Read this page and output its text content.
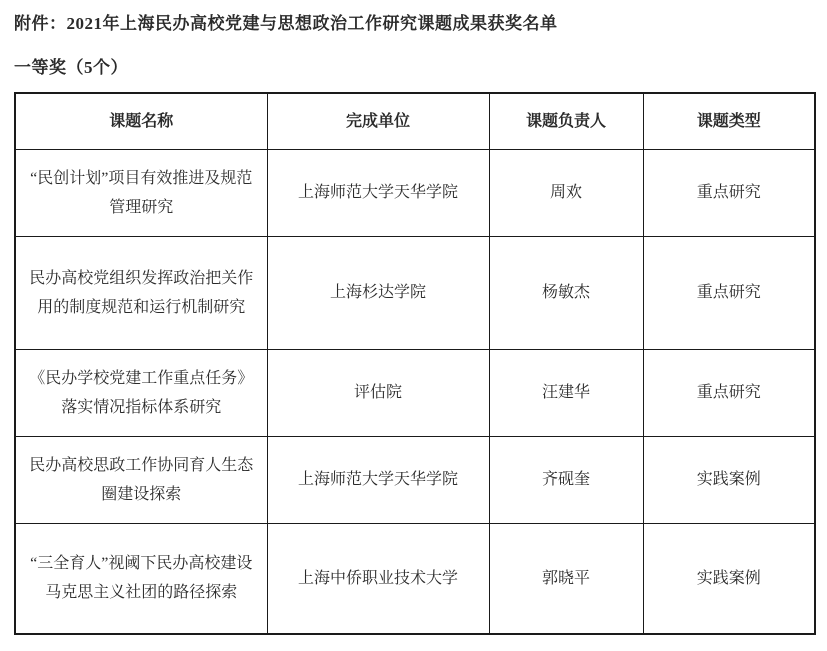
附件：2021年上海民办高校党建与思想政治工作研究课题成果获奖名单
一等奖（5个）
课题名称	完成单位	课题负责人	课题类型
“民创计划”项目有效推进及规范管理研究	上海师范大学天华学院	周欢	重点研究
民办高校党组织发挥政治把关作用的制度规范和运行机制研究	上海杉达学院	杨敏杰	重点研究
《民办学校党建工作重点任务》落实情况指标体系研究	评估院	汪建华	重点研究
民办高校思政工作协同育人生态圈建设探索	上海师范大学天华学院	齐砚奎	实践案例
“三全育人”视阈下民办高校建设马克思主义社团的路径探索	上海中侨职业技术大学	郭晓平	实践案例
